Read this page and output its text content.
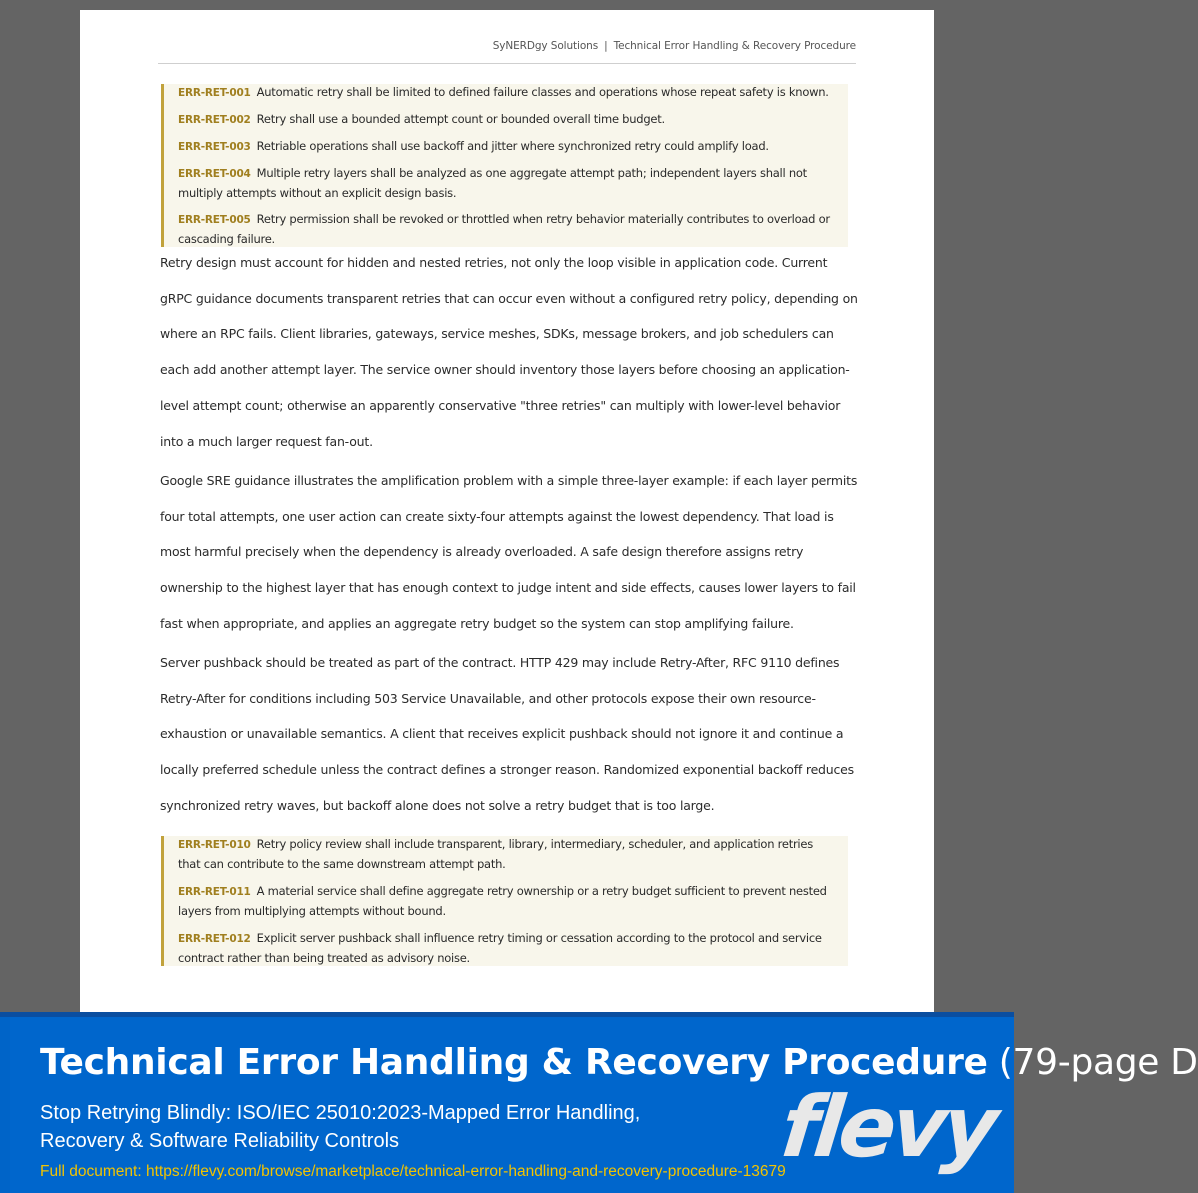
SyNERDgy Solutions | Technical Error Handling & Recovery Procedure
ERR-RET-001 Automatic retry shall be limited to defined failure classes and operations whose repeat safety is known.
ERR-RET-002 Retry shall use a bounded attempt count or bounded overall time budget.
ERR-RET-003 Retriable operations shall use backoff and jitter where synchronized retry could amplify load.
ERR-RET-004 Multiple retry layers shall be analyzed as one aggregate attempt path; independent layers shall not multiply attempts without an explicit design basis.
ERR-RET-005 Retry permission shall be revoked or throttled when retry behavior materially contributes to overload or cascading failure.
Retry design must account for hidden and nested retries, not only the loop visible in application code. Current gRPC guidance documents transparent retries that can occur even without a configured retry policy, depending on where an RPC fails. Client libraries, gateways, service meshes, SDKs, message brokers, and job schedulers can each add another attempt layer. The service owner should inventory those layers before choosing an application-level attempt count; otherwise an apparently conservative "three retries" can multiply with lower-level behavior into a much larger request fan-out.
Google SRE guidance illustrates the amplification problem with a simple three-layer example: if each layer permits four total attempts, one user action can create sixty-four attempts against the lowest dependency. That load is most harmful precisely when the dependency is already overloaded. A safe design therefore assigns retry ownership to the highest layer that has enough context to judge intent and side effects, causes lower layers to fail fast when appropriate, and applies an aggregate retry budget so the system can stop amplifying failure.
Server pushback should be treated as part of the contract. HTTP 429 may include Retry-After, RFC 9110 defines Retry-After for conditions including 503 Service Unavailable, and other protocols expose their own resource-exhaustion or unavailable semantics. A client that receives explicit pushback should not ignore it and continue a locally preferred schedule unless the contract defines a stronger reason. Randomized exponential backoff reduces synchronized retry waves, but backoff alone does not solve a retry budget that is too large.
ERR-RET-010 Retry policy review shall include transparent, library, intermediary, scheduler, and application retries that can contribute to the same downstream attempt path.
ERR-RET-011 A material service shall define aggregate retry ownership or a retry budget sufficient to prevent nested layers from multiplying attempts without bound.
ERR-RET-012 Explicit server pushback shall influence retry timing or cessation according to the protocol and service contract rather than being treated as advisory noise.
Technical Error Handling & Recovery Procedure (79-page D
Stop Retrying Blindly: ISO/IEC 25010:2023-Mapped Error Handling, Recovery & Software Reliability Controls
Full document: https://flevy.com/browse/marketplace/technical-error-handling-and-recovery-procedure-13679
flevy
